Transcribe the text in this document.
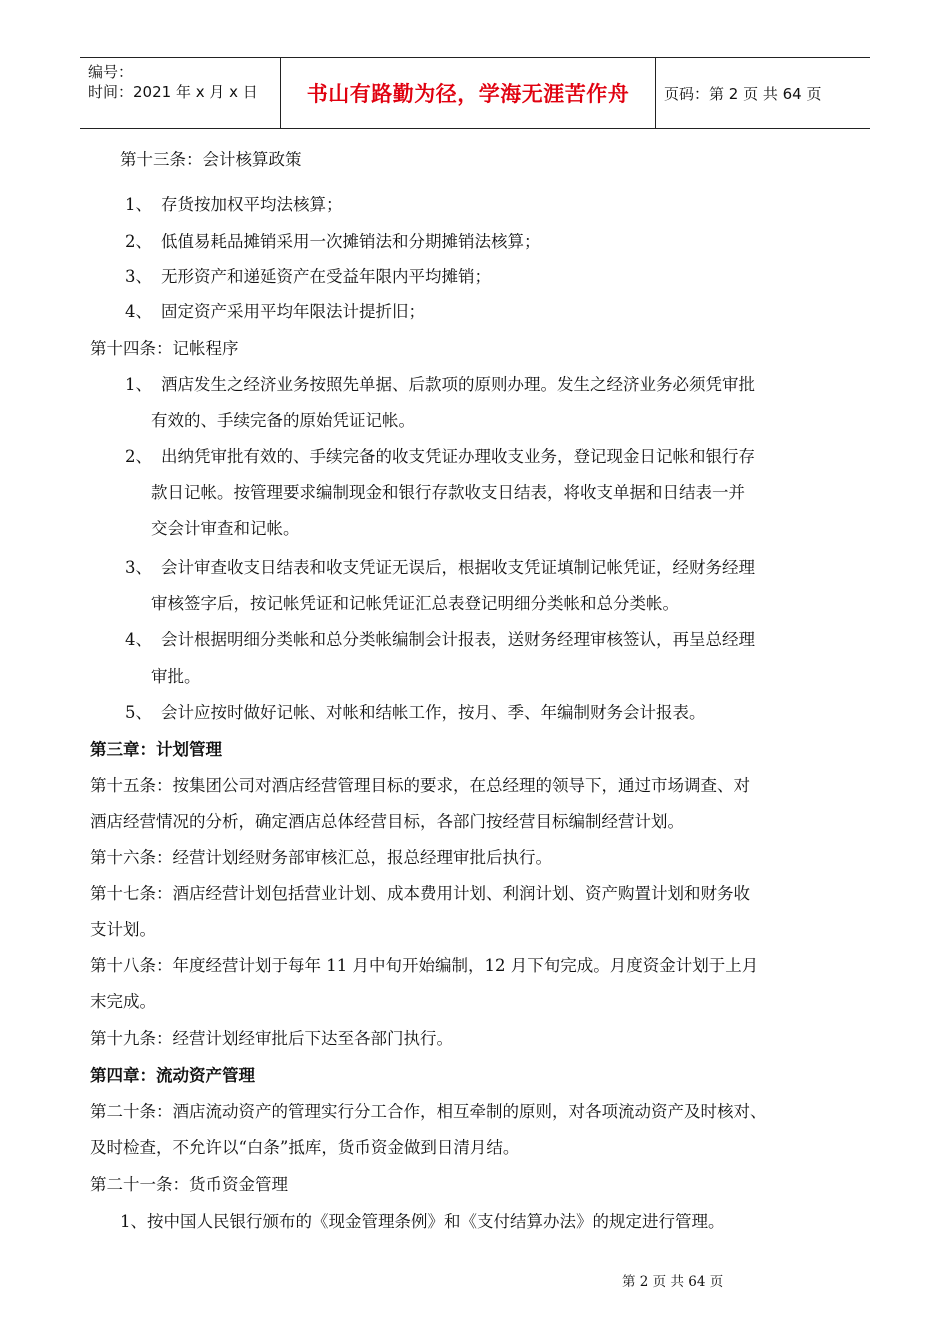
编号：
时间：2021 年 x 月 x 日	书山有路勤为径，学海无涯苦作舟	页码：第 2 页 共 64 页
第十三条：会计核算政策
1、 存货按加权平均法核算；
2、 低值易耗品摊销采用一次摊销法和分期摊销法核算；
3、 无形资产和递延资产在受益年限内平均摊销；
4、 固定资产采用平均年限法计提折旧；
第十四条：记帐程序
1、 酒店发生之经济业务按照先单据、后款项的原则办理。发生之经济业务必须凭审批
有效的、手续完备的原始凭证记帐。
2、 出纳凭审批有效的、手续完备的收支凭证办理收支业务，登记现金日记帐和银行存
款日记帐。按管理要求编制现金和银行存款收支日结表，将收支单据和日结表一并
交会计审查和记帐。
3、 会计审查收支日结表和收支凭证无误后，根据收支凭证填制记帐凭证，经财务经理
审核签字后，按记帐凭证和记帐凭证汇总表登记明细分类帐和总分类帐。
4、 会计根据明细分类帐和总分类帐编制会计报表，送财务经理审核签认，再呈总经理
审批。
5、 会计应按时做好记帐、对帐和结帐工作，按月、季、年编制财务会计报表。
第三章：计划管理
第十五条：按集团公司对酒店经营管理目标的要求，在总经理的领导下，通过市场调查、对
酒店经营情况的分析，确定酒店总体经营目标，各部门按经营目标编制经营计划。
第十六条：经营计划经财务部审核汇总，报总经理审批后执行。
第十七条：酒店经营计划包括营业计划、成本费用计划、利润计划、资产购置计划和财务收
支计划。
第十八条：年度经营计划于每年 11 月中旬开始编制，12 月下旬完成。月度资金计划于上月
末完成。
第十九条：经营计划经审批后下达至各部门执行。
第四章：流动资产管理
第二十条：酒店流动资产的管理实行分工合作，相互牵制的原则，对各项流动资产及时核对、
及时检查，不允许以“白条”抵库，货币资金做到日清月结。
第二十一条：货币资金管理
1、按中国人民银行颁布的《现金管理条例》和《支付结算办法》的规定进行管理。
第 2 页 共 64 页
